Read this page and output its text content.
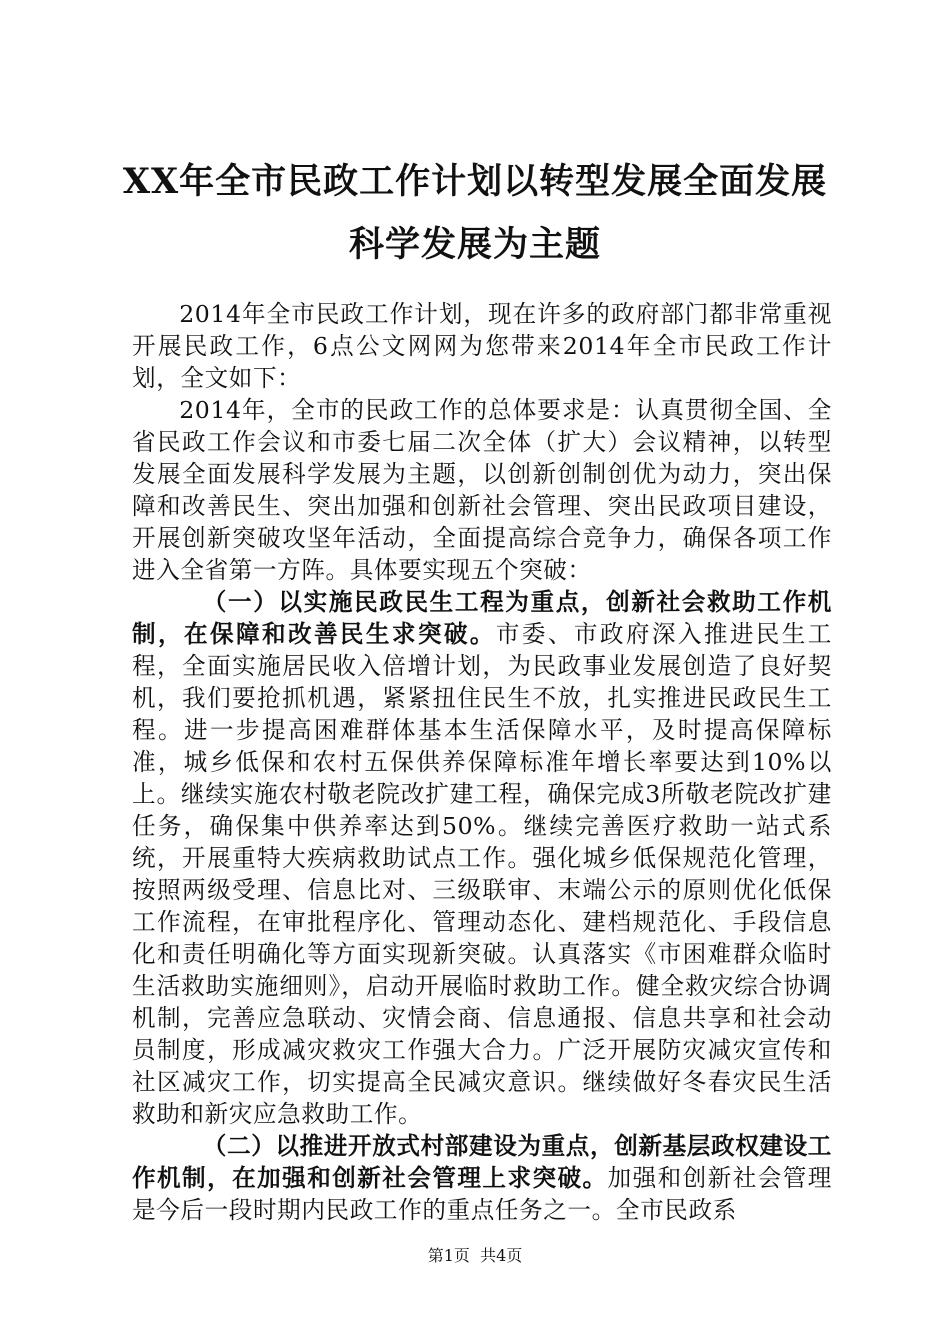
XX年全市民政工作计划以转型发展全面发展
科学发展为主题

2014年全市民政工作计划，现在许多的政府部门都非常重视开展民政工作，6点公文网网为您带来2014年全市民政工作计划，全文如下：

2014年，全市的民政工作的总体要求是：认真贯彻全国、全省民政工作会议和市委七届二次全体（扩大）会议精神，以转型发展全面发展科学发展为主题，以创新创制创优为动力，突出保障和改善民生、突出加强和创新社会管理、突出民政项目建设，开展创新突破攻坚年活动，全面提高综合竞争力，确保各项工作进入全省第一方阵。具体要实现五个突破：

（一）以实施民政民生工程为重点，创新社会救助工作机制，在保障和改善民生求突破。市委、市政府深入推进民生工程，全面实施居民收入倍增计划，为民政事业发展创造了良好契机，我们要抢抓机遇，紧紧扭住民生不放，扎实推进民政民生工程。进一步提高困难群体基本生活保障水平，及时提高保障标准，城乡低保和农村五保供养保障标准年增长率要达到10%以上。继续实施农村敬老院改扩建工程，确保完成3所敬老院改扩建任务，确保集中供养率达到50%。继续完善医疗救助一站式系统，开展重特大疾病救助试点工作。强化城乡低保规范化管理，按照两级受理、信息比对、三级联审、末端公示的原则优化低保工作流程，在审批程序化、管理动态化、建档规范化、手段信息化和责任明确化等方面实现新突破。认真落实《市困难群众临时生活救助实施细则》，启动开展临时救助工作。健全救灾综合协调机制，完善应急联动、灾情会商、信息通报、信息共享和社会动员制度，形成减灾救灾工作强大合力。广泛开展防灾减灾宣传和社区减灾工作，切实提高全民减灾意识。继续做好冬春灾民生活救助和新灾应急救助工作。

（二）以推进开放式村部建设为重点，创新基层政权建设工作机制，在加强和创新社会管理上求突破。加强和创新社会管理是今后一段时期内民政工作的重点任务之一。全市民政系

第1页  共4页
